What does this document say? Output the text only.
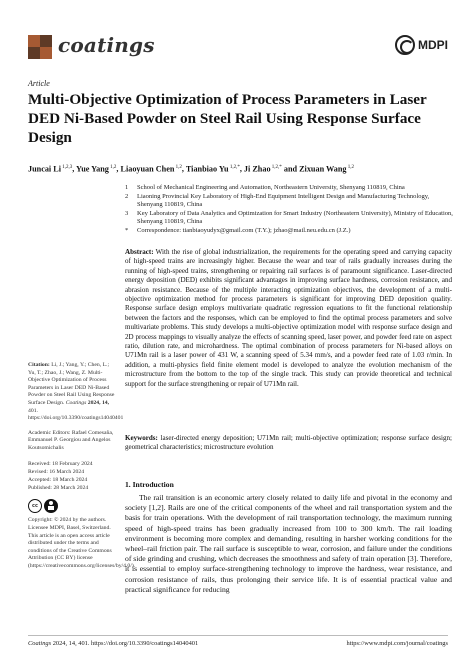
coatings	MDPI
Article
Multi-Objective Optimization of Process Parameters in Laser DED Ni-Based Powder on Steel Rail Using Response Surface Design
Juncai Li $^{1,2,3}$, Yue Yang $^{1,2}$, Liaoyuan Chen $^{1,2}$, Tianbiao Yu $^{1,2,*}$, Ji Zhao $^{1,2,*}$ and Zixuan Wang $^{1,2}$
1	School of Mechanical Engineering and Automation, Northeastern University, Shenyang 110819, China
2	Liaoning Provincial Key Laboratory of High-End Equipment Intelligent Design and Manufacturing Technology, Shenyang 110819, China
3	Key Laboratory of Data Analytics and Optimization for Smart Industry (Northeastern University), Ministry of Education, Shenyang 110819, China
*	Correspondence: tianbiaoyudyx@gmail.com (T.Y.); jzhao@mail.neu.edu.cn (J.Z.)
Abstract: With the rise of global industrialization, the requirements for the operating speed and carrying capacity of high-speed trains are increasingly higher. Because the wear and tear of rails gradually increases during the running of high-speed trains, strengthening or repairing rail surfaces is of paramount significance. Laser-directed energy deposition (DED) exhibits significant advantages in improving surface hardness, corrosion resistance, and abrasion resistance. Because of the multiple interacting optimization objectives, the development of a multi-objective optimization method for process parameters is significant for improving DED deposition quality. Response surface design employs multivariate quadratic regression equations to fit the functional relationship between the factors and the responses, which can be employed to find the optimal process parameters and solve multivariate problems. This study develops a multi-objective optimization model with response surface design and 2D process mappings to visually analyze the effects of scanning speed, laser power, and powder feed rate on aspect ratio, dilution rate, and microhardness. The optimal combination of process parameters for Ni-based alloys on U71Mn rail is a laser power of 431 W, a scanning speed of 5.34 mm/s, and a powder feed rate of 1.03 r/min. In addition, a multi-physics field finite element model is developed to analyze the evolution mechanism of the microstructure from the bottom to the top of the single track. This study can provide theoretical and technical support for the surface strengthening or repair of U71Mn rail.
Keywords: laser-directed energy deposition; U71Mn rail; multi-objective optimization; response surface design; geometrical characteristics; microstructure evolution

Citation: Li, J.; Yang, Y.; Chen, L.; Yu, T.; Zhao, J.; Wang, Z. Multi-Objective Optimization of Process Parameters in Laser DED Ni-Based Powder on Steel Rail Using Response Surface Design. Coatings 2024, 14, 401. https://doi.org/10.3390/coatings14040401

Academic Editors: Rafael Comesaña, Emmanuel P. Georgiou and Angelos Koutsomichalis

Received: 18 February 2024
Revised: 16 March 2024
Accepted: 18 March 2024
Published: 28 March 2024

cc

Copyright: © 2024 by the authors. Licensee MDPI, Basel, Switzerland. This article is an open access article distributed under the terms and conditions of the Creative Commons Attribution (CC BY) license (https://creativecommons.org/licenses/by/4.0/).

1. Introduction

The rail transition is an economic artery closely related to daily life and pivotal in the economy and society [1,2]. Rails are one of the critical components of the wheel and rail transportation system and the basis for train operations. With the development of rail transportation technology, the maximum running speed of high-speed trains has been gradually increased from 100 to 300 km/h. The rail loading environment is becoming more complex and demanding, resulting in harsher working conditions for the wheel–rail friction pair. The rail surface is susceptible to wear, corrosion, and failure under the conditions of side grinding and crushing, which decreases the smoothness and safety of train operation [3]. Therefore, it is essential to employ surface-strengthening technology to improve the hardness, wear resistance, and corrosion resistance of rails, thus prolonging their service life. It is of essential practical value and practical significance for reducing

Coatings 2024, 14, 401. https://doi.org/10.3390/coatings14040401	https://www.mdpi.com/journal/coatings
